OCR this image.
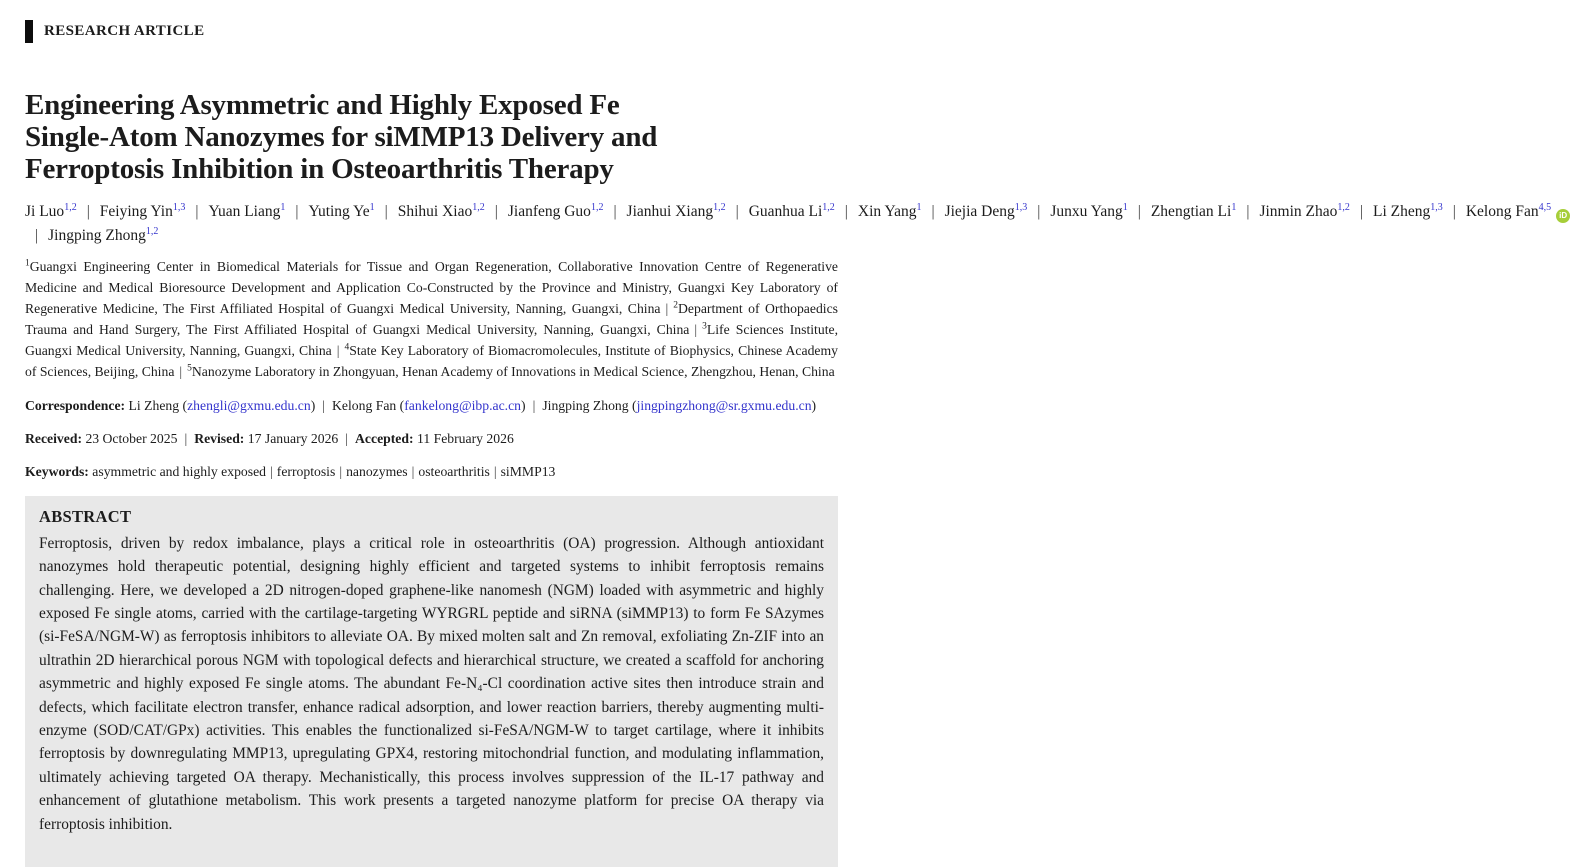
RESEARCH ARTICLE
Engineering Asymmetric and Highly Exposed Fe
Single-Atom Nanozymes for siMMP13 Delivery and
Ferroptosis Inhibition in Osteoarthritis Therapy
Ji Luo$^{1,2}$ | Feiying Yin$^{1,3}$ | Yuan Liang$^1$ | Yuting Ye$^1$ | Shihui Xiao$^{1,2}$ | Jianfeng Guo$^{1,2}$ | Jianhui Xiang$^{1,2}$ | Guanhua Li$^{1,2}$ | Xin Yang$^1$ | Jiejia Deng$^{1,3}$ | Junxu Yang$^1$ | Zhengtian Li$^1$ | Jinmin Zhao$^{1,2}$ | Li Zheng$^{1,3}$ | Kelong Fan$^{4,5}$iD| Jingping Zhong$^{1,2}$

$^1$Guangxi Engineering Center in Biomedical Materials for Tissue and Organ Regeneration, Collaborative Innovation Centre of Regenerative Medicine and Medical Bioresource Development and Application Co-Constructed by the Province and Ministry, Guangxi Key Laboratory of Regenerative Medicine, The First Affiliated Hospital of Guangxi Medical University, Nanning, Guangxi, China | $^2$Department of Orthopaedics Trauma and Hand Surgery, The First Affiliated Hospital of Guangxi Medical University, Nanning, Guangxi, China | $^3$Life Sciences Institute, Guangxi Medical University, Nanning, Guangxi, China | $^4$State Key Laboratory of Biomacromolecules, Institute of Biophysics, Chinese Academy of Sciences, Beijing, China | $^5$Nanozyme Laboratory in Zhongyuan, Henan Academy of Innovations in Medical Science, Zhengzhou, Henan, China

Correspondence: Li Zheng (zhengli@gxmu.edu.cn) | Kelong Fan (fankelong@ibp.ac.cn) | Jingping Zhong (jingpingzhong@sr.gxmu.edu.cn)
Received: 23 October 2025 | Revised: 17 January 2026 | Accepted: 11 February 2026
Keywords: asymmetric and highly exposed | ferroptosis | nanozymes | osteoarthritis | siMMP13
ABSTRACT

Ferroptosis, driven by redox imbalance, plays a critical role in osteoarthritis (OA) progression. Although antioxidant nanozymes hold therapeutic potential, designing highly efficient and targeted systems to inhibit ferroptosis remains challenging. Here, we developed a 2D nitrogen-doped graphene-like nanomesh (NGM) loaded with asymmetric and highly exposed Fe single atoms, carried with the cartilage-targeting WYRGRL peptide and siRNA (siMMP13) to form Fe SAzymes (si-FeSA/NGM-W) as ferroptosis inhibitors to alleviate OA. By mixed molten salt and Zn removal, exfoliating Zn-ZIF into an ultrathin 2D hierarchical porous NGM with topological defects and hierarchical structure, we created a scaffold for anchoring asymmetric and highly exposed Fe single atoms. The abundant Fe-N₄-Cl coordination active sites then introduce strain and defects, which facilitate electron transfer, enhance radical adsorption, and lower reaction barriers, thereby augmenting multi-enzyme (SOD/CAT/GPx) activities. This enables the functionalized si-FeSA/NGM-W to target cartilage, where it inhibits ferroptosis by downregulating MMP13, upregulating GPX4, restoring mitochondrial function, and modulating inflammation, ultimately achieving targeted OA therapy. Mechanistically, this process involves suppression of the IL-17 pathway and enhancement of glutathione metabolism. This work presents a targeted nanozyme platform for precise OA therapy via ferroptosis inhibition.
